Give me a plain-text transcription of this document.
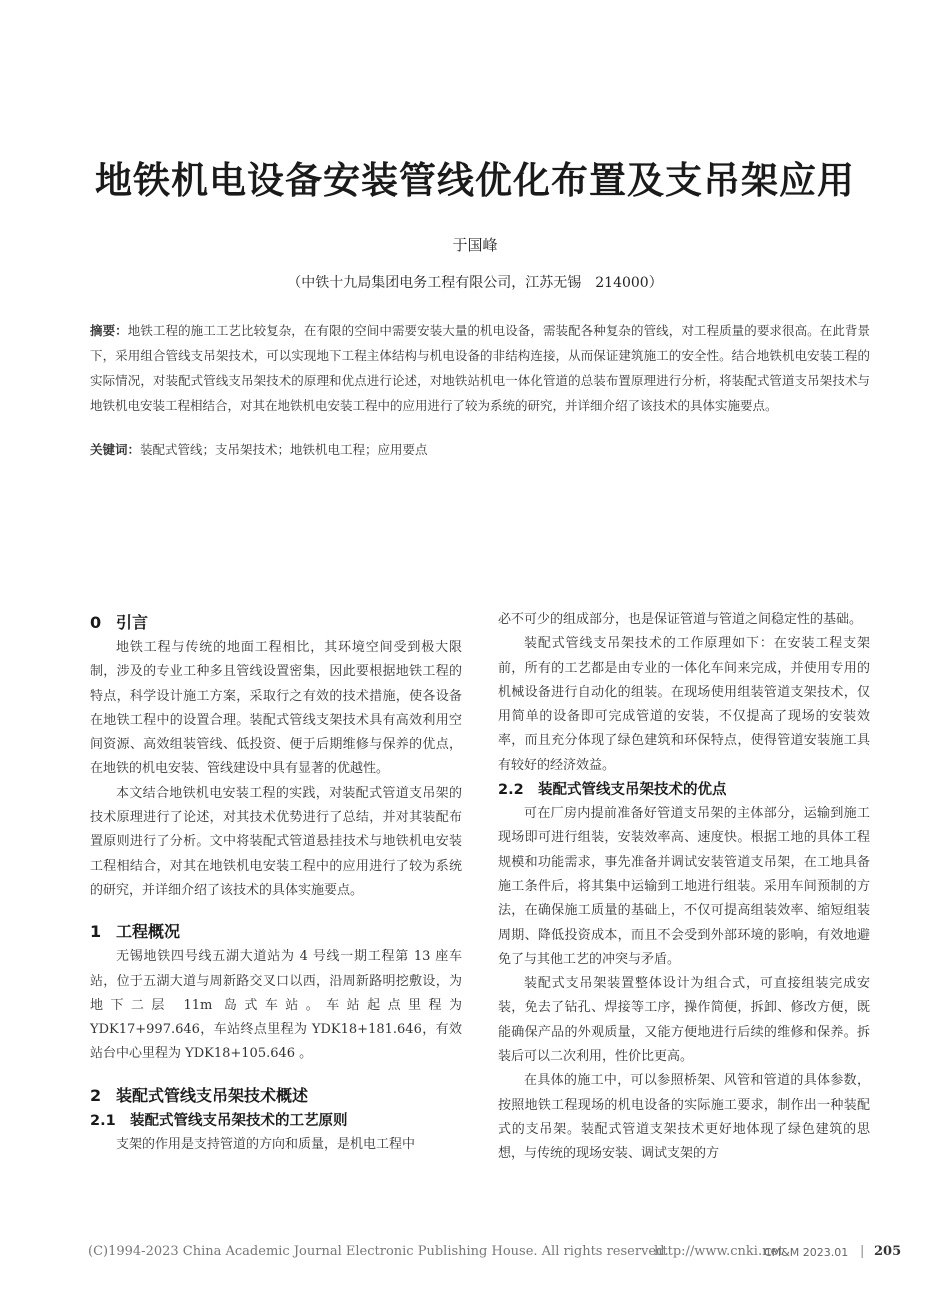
地铁机电设备安装管线优化布置及支吊架应用
于国峰
（中铁十九局集团电务工程有限公司，江苏无锡　214000）
摘要：地铁工程的施工工艺比较复杂，在有限的空间中需要安装大量的机电设备，需装配各种复杂的管线，对工程质量的要求很高。在此背景下，采用组合管线支吊架技术，可以实现地下工程主体结构与机电设备的非结构连接，从而保证建筑施工的安全性。结合地铁机电安装工程的实际情况，对装配式管线支吊架技术的原理和优点进行论述，对地铁站机电一体化管道的总装布置原理进行分析，将装配式管道支吊架技术与地铁机电安装工程相结合，对其在地铁机电安装工程中的应用进行了较为系统的研究，并详细介绍了该技术的具体实施要点。
关键词：装配式管线；支吊架技术；地铁机电工程；应用要点
0 引言

地铁工程与传统的地面工程相比，其环境空间受到极大限制，涉及的专业工种多且管线设置密集，因此要根据地铁工程的特点，科学设计施工方案，采取行之有效的技术措施，使各设备在地铁工程中的设置合理。装配式管线支架技术具有高效利用空间资源、高效组装管线、低投资、便于后期维修与保养的优点，在地铁的机电安装、管线建设中具有显著的优越性。

本文结合地铁机电安装工程的实践，对装配式管道支吊架的技术原理进行了论述，对其技术优势进行了总结，并对其装配布置原则进行了分析。文中将装配式管道悬挂技术与地铁机电安装工程相结合，对其在地铁机电安装工程中的应用进行了较为系统的研究，并详细介绍了该技术的具体实施要点。

1 工程概况

无锡地铁四号线五湖大道站为 4 号线一期工程第 13 座车站，位于五湖大道与周新路交叉口以西，沿周新路明挖敷设，为地下二层 11m 岛式车站。车站起点里程为 YDK17+997.646，车站终点里程为 YDK18+181.646，有效站台中心里程为 YDK18+105.646 。

2 装配式管线支吊架技术概述
2.1 装配式管线支吊架技术的工艺原则

支架的作用是支持管道的方向和质量，是机电工程中

必不可少的组成部分，也是保证管道与管道之间稳定性的基础。

装配式管线支吊架技术的工作原理如下：在安装工程支架前，所有的工艺都是由专业的一体化车间来完成，并使用专用的机械设备进行自动化的组装。在现场使用组装管道支架技术，仅用简单的设备即可完成管道的安装，不仅提高了现场的安装效率，而且充分体现了绿色建筑和环保特点，使得管道安装施工具有较好的经济效益。

2.2 装配式管线支吊架技术的优点

可在厂房内提前准备好管道支吊架的主体部分，运输到施工现场即可进行组装，安装效率高、速度快。根据工地的具体工程规模和功能需求，事先准备并调试安装管道支吊架，在工地具备施工条件后，将其集中运输到工地进行组装。采用车间预制的方法，在确保施工质量的基础上，不仅可提高组装效率、缩短组装周期、降低投资成本，而且不会受到外部环境的影响，有效地避免了与其他工艺的冲突与矛盾。

装配式支吊架装置整体设计为组合式，可直接组装完成安装，免去了钻孔、焊接等工序，操作简便，拆卸、修改方便，既能确保产品的外观质量，又能方便地进行后续的维修和保养。拆装后可以二次利用，性价比更高。

在具体的施工中，可以参照桥架、风管和管道的具体参数，按照地铁工程现场的机电设备的实际施工要求，制作出一种装配式的支吊架。装配式管道支架技术更好地体现了绿色建筑的思想，与传统的现场安装、调试支架的方

(C)1994-2023 China Academic Journal Electronic Publishing House. All rights reserved.
http://www.cnki.net
CM&M 2023.01 | 205
